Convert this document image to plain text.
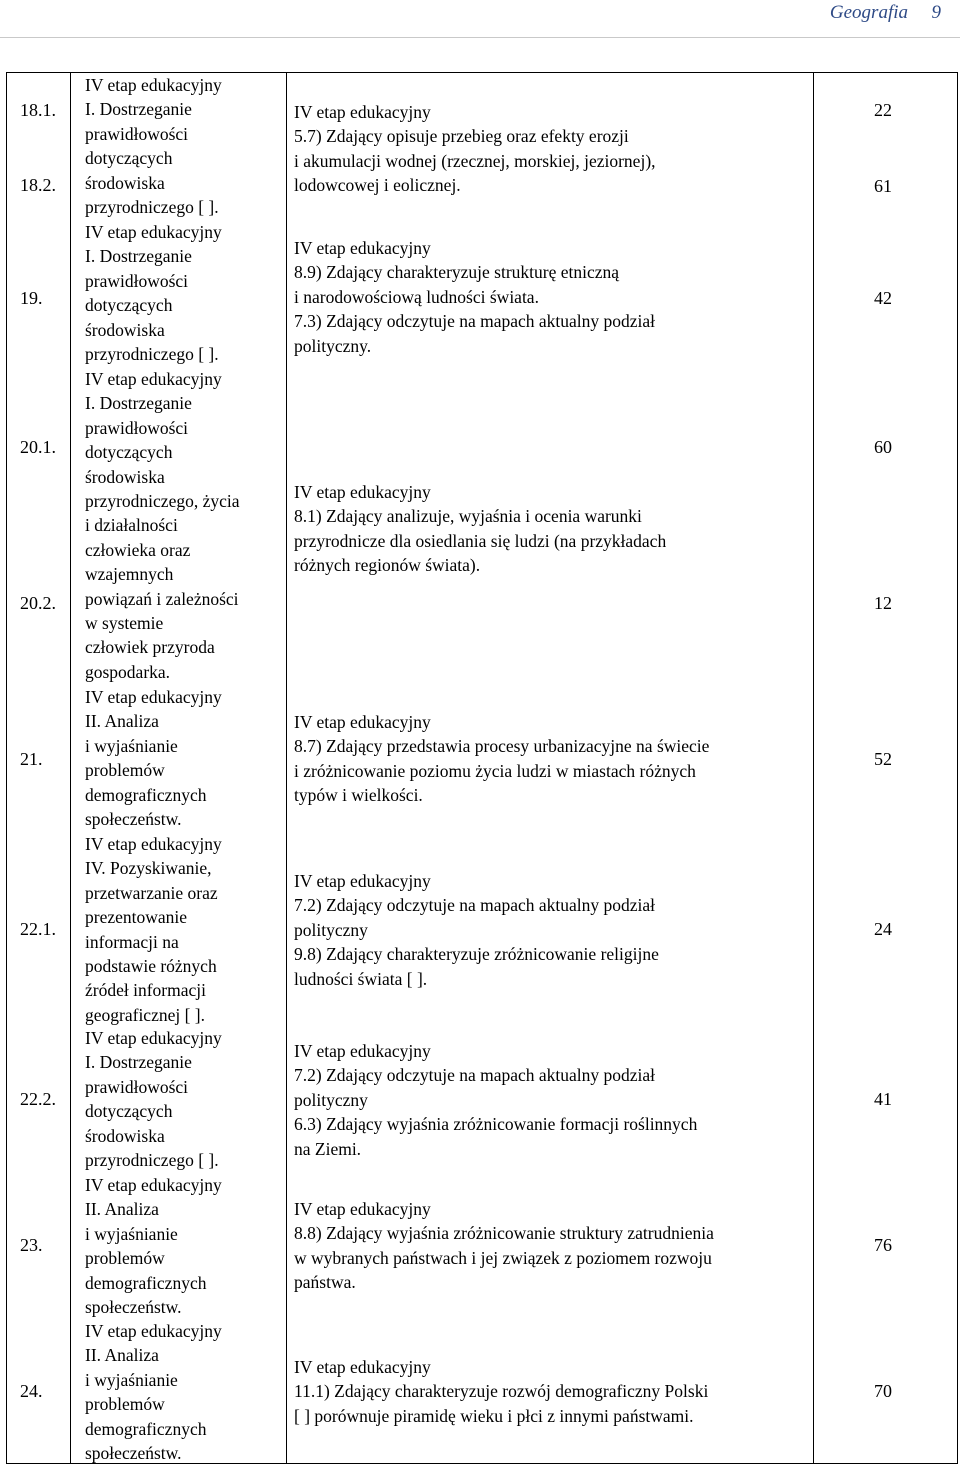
Geografia 9
18.1.
18.2.
19.
20.1.
20.2.
21.
22.1.
22.2.
23.
24.
IV etap edukacyjny
I. Dostrzeganie
prawidłowości
dotyczących
środowiska
przyrodniczego [ ].
IV etap edukacyjny
I. Dostrzeganie
prawidłowości
dotyczących
środowiska
przyrodniczego [ ].
IV etap edukacyjny
I. Dostrzeganie
prawidłowości
dotyczących
środowiska
przyrodniczego, życia
i działalności
człowieka oraz
wzajemnych
powiązań i zależności
w systemie
człowiek przyroda
gospodarka.
IV etap edukacyjny
II. Analiza
i wyjaśnianie
problemów
demograficznych
społeczeństw.
IV etap edukacyjny
IV. Pozyskiwanie,
przetwarzanie oraz
prezentowanie
informacji na
podstawie różnych
źródeł informacji
geograficznej [ ].
IV etap edukacyjny
I. Dostrzeganie
prawidłowości
dotyczących
środowiska
przyrodniczego [ ].
IV etap edukacyjny
II. Analiza
i wyjaśnianie
problemów
demograficznych
społeczeństw.
IV etap edukacyjny
II. Analiza
i wyjaśnianie
problemów
demograficznych
społeczeństw.
IV etap edukacyjny
5.7) Zdający opisuje przebieg oraz efekty erozji
i akumulacji wodnej (rzecznej, morskiej, jeziornej),
lodowcowej i eolicznej.
IV etap edukacyjny
8.9) Zdający charakteryzuje strukturę etniczną
i narodowościową ludności świata.
7.3) Zdający odczytuje na mapach aktualny podział
polityczny.
IV etap edukacyjny
8.1) Zdający analizuje, wyjaśnia i ocenia warunki
przyrodnicze dla osiedlania się ludzi (na przykładach
różnych regionów świata).
IV etap edukacyjny
8.7) Zdający przedstawia procesy urbanizacyjne na świecie
i zróżnicowanie poziomu życia ludzi w miastach różnych
typów i wielkości.
IV etap edukacyjny
7.2) Zdający odczytuje na mapach aktualny podział
polityczny
9.8) Zdający charakteryzuje zróżnicowanie religijne
ludności świata [ ].
IV etap edukacyjny
7.2) Zdający odczytuje na mapach aktualny podział
polityczny
6.3) Zdający wyjaśnia zróżnicowanie formacji roślinnych
na Ziemi.
IV etap edukacyjny
8.8) Zdający wyjaśnia zróżnicowanie struktury zatrudnienia
w wybranych państwach i jej związek z poziomem rozwoju
państwa.
IV etap edukacyjny
11.1) Zdający charakteryzuje rozwój demograficzny Polski
[ ] porównuje piramidę wieku i płci z innymi państwami.
22
61
42
60
12
52
24
41
76
70
